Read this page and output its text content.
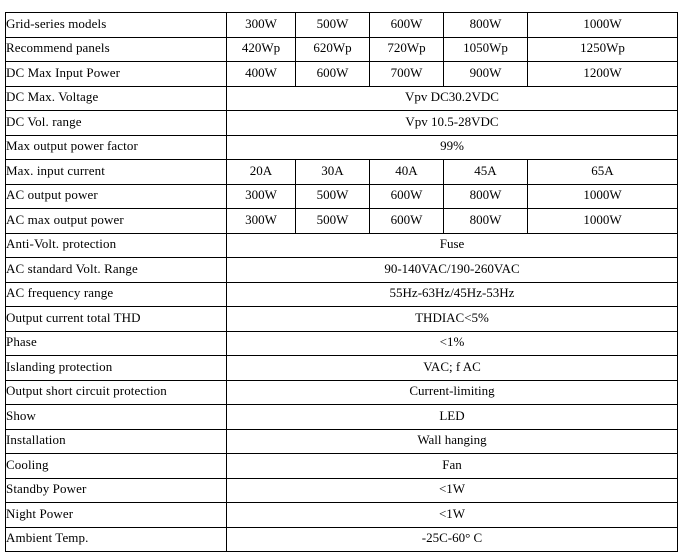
Grid-series models	300W	500W	600W	800W	1000W
Recommend panels	420Wp	620Wp	720Wp	1050Wp	1250Wp
DC Max Input Power	400W	600W	700W	900W	1200W
DC Max. Voltage	Vpv DC30.2VDC				
DC Vol. range	Vpv 10.5-28VDC				
Max output power factor	99%				
Max. input current	20A	30A	40A	45A	65A
AC output power	300W	500W	600W	800W	1000W
AC max output power	300W	500W	600W	800W	1000W
Anti-Volt. protection	Fuse				
AC standard Volt. Range	90-140VAC/190-260VAC				
AC frequency range	55Hz-63Hz/45Hz-53Hz				
Output current total THD	THDIAC<5%				
Phase	<1%				
Islanding protection	VAC; f AC				
Output short circuit protection	Current-limiting				
Show	LED				
Installation	Wall hanging				
Cooling	Fan				
Standby Power	<1W				
Night Power	<1W				
Ambient Temp.	-25C-60° C				
